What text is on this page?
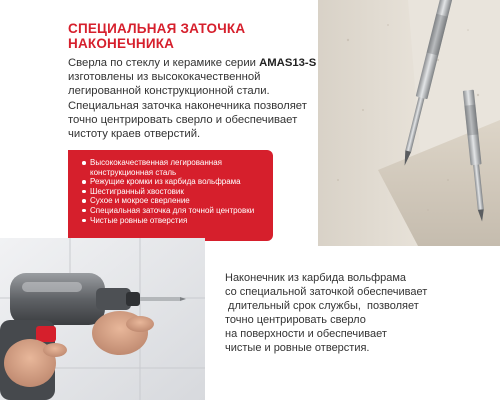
СПЕЦИАЛЬНАЯ ЗАТОЧКА
НАКОНЕЧНИКА
Сверла по стеклу и керамике серии AMAS13-S изготовлены из высококачественной легированной конструкционной стали. Специальная заточка наконечника позволяет точно центрировать сверло и обеспечивает чистоту краев отверстий.
Высококачественная легированная конструкционная сталь
Режущие кромки из карбида вольфрама
Шестигранный хвостовик
Сухое и мокрое сверление
Специальная заточка для точной центровки
Чистые ровные отверстия
Наконечник из карбида вольфрама
со специальной заточкой обеспечивает
длительный срок службы,  позволяет
точно центрировать сверло
на поверхности и обеспечивает
чистые и ровные отверстия.
